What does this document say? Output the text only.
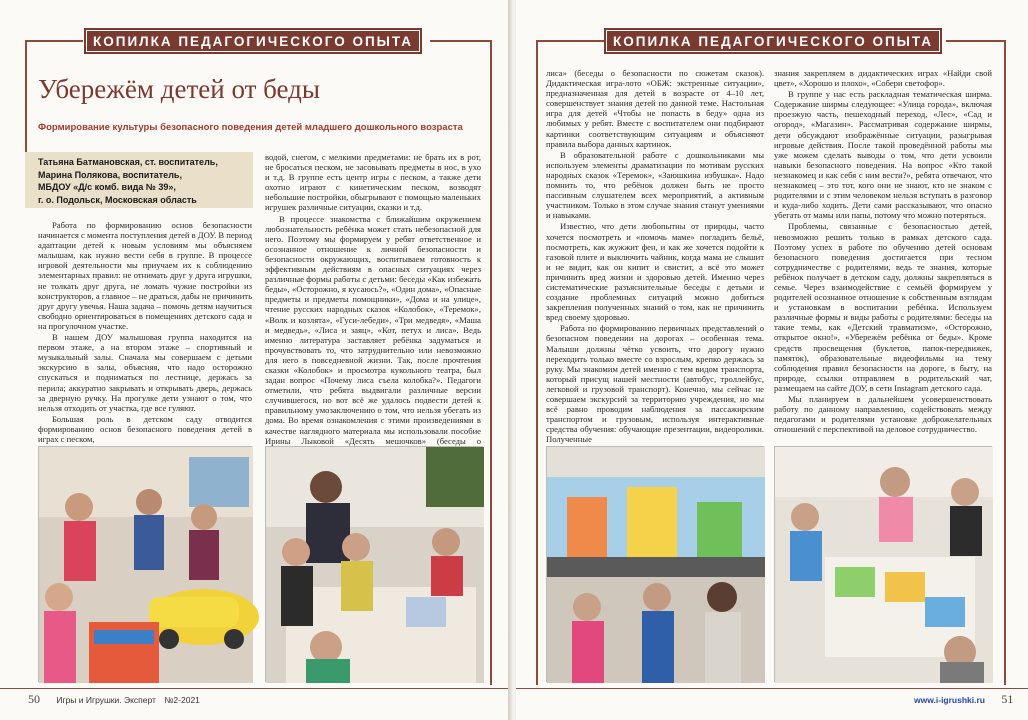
КОПИЛКА ПЕДАГОГИЧЕСКОГО ОПЫТА
Убережём детей от беды
Формирование культуры безопасного поведения детей младшего дошкольного возраста
Татьяна Батмановская, ст. воспитатель,
Марина Полякова, воспитатель,
МБДОУ «Д/с комб. вида № 39»,
г. о. Подольск, Московская область

Работа по формированию основ безопасности начинается с момента поступления детей в ДОУ. В период адаптации детей к новым условиям мы объясняем малышам, как нужно вести себя в группе. В процессе игровой деятельности мы приучаем их к соблюдению элементарных правил: не отнимать друг у друга игрушки, не толкать друг друга, не ломать чужие постройки из конструкторов, а главное – не драться, дабы не причинить друг другу увечья. Наша задача – помочь детям научиться свободно ориентироваться в помещениях детского сада и на прогулочном участке.

В нашем ДОУ малышовая группа находится на первом этаже, а на втором этаже – спортивный и музыкальный залы. Сначала мы совершаем с детьми экскурсию в залы, объясняя, что надо осторожно спускаться и подниматься по лестнице, держась за перила; аккуратно закрывать и открывать дверь, держась за дверную ручку. На прогулке дети узнают о том, что нельзя отходить от участка, где все гуляют.

Большая роль в детском саду отводится формированию основ безопасного поведения детей в играх с песком,

водой, снегом, с мелкими предметами: не брать их в рот, не бросаться песком, не засовывать предметы в нос, в ухо и т.д. В группе есть центр игры с песком, а также дети охотно играют с кинетическим песком, возводят небольшие постройки, обыгрывают с помощью маленьких игрушек различные ситуации, сказки и т.д.

В процессе знакомства с ближайшим окружением любознательность ребёнка может стать небезопасной для него. Поэтому мы формируем у ребят ответственное и осознанное отношение к личной безопасности и безопасности окружающих, воспитываем готовность к эффективным действиям в опасных ситуациях через различные формы работы с детьми: беседы «Как избежать беды», «Осторожно, я кусаюсь?», «Один дома», «Опасные предметы и предметы помощники», «Дома и на улице», чтение русских народных сказок «Колобок», «Теремок», «Волк и козлята», «Гуси-лебеди», «Три медведя», «Маша и медведь», «Лиса и заяц», «Кот, петух и лиса». Ведь именно литература заставляет ребёнка задуматься и прочувствовать то, что затруднительно или невозможно для него в повседневной жизни. Так, после прочтения сказки «Колобок» и просмотра кукольного театра, был задан вопрос «Почему лиса съела колобка?». Педагоги отметили, что ребята выдвигали различные версии случившегося, но вот всё же удалось подвести детей к правильному умозаключению о том, что нельзя убегать из дома. Во время ознакомления с этими произведениями в качестве наглядного материала мы использовали пособие Ирины Лыковой «Десять мешочков» (беседы о

50 Игры и Игрушки. Эксперт №2-2021
КОПИЛКА ПЕДАГОГИЧЕСКОГО ОПЫТА

лиса» (беседы о безопасности по сюжетам сказок). Дидактическая игра-лото «ОБЖ: экстренные ситуации», предназначенная для детей в возрасте от 4–10 лет, совершенствует знания детей по данной теме. Настольная игра для детей «Чтобы не попасть в беду» одна из любимых у ребят. Вместе с воспитателем они подбирают картинки соответствующим ситуациям и объясняют правила выбора данных картинок.

В образовательной работе с дошкольниками мы используем элементы драматизации по мотивам русских народных сказок «Теремок», «Заюшкина избушка». Надо помнить то, что ребёнок должен быть не просто пассивным слушателем всех мероприятий, а активным участником. Только в этом случае знания станут умениями и навыками.

Известно, что дети любопытны от природы, часто хочется посмотреть и «помочь маме» погладить бельё, посмотреть, как жужжит фен, и как же хочется подойти к газовой плите и выключить чайник, когда мама не слышит и не видит, как он кипит и свистит, а всё это может причинить вред жизни и здоровью детей. Именно через систематические разъяснительные беседы с детьми и создание проблемных ситуаций можно добиться закрепления полученных знаний о том, как не причинить вред своему здоровью.

Работа по формированию первичных представлений о безопасном поведении на дорогах – особенная тема. Малыши должны чётко усвоить, что дорогу нужно переходить только вместе со взрослым, крепко держась за руку. Мы знакомим детей именно с тем видом транспорта, который присущ нашей местности (автобус, троллейбус, легковой и грузовой транспорт). Конечно, мы сейчас не совершаем экскурсий за территорию учреждения, но мы всё равно проводим наблюдения за пассажирским транспортом и грузовым, используя интерактивные средства обучения: обучающие презентации, видеоролики. Полученные

знания закрепляем в дидактических играх «Найди свой цвет», «Хорошо и плохо», «Собери светофор».

В группе у нас есть раскладная тематическая ширма. Содержание ширмы следующее: «Улица города», включая проезжую часть, пешеходный переход, «Лес», «Сад и огород», «Магазин». Рассматривая содержание ширмы, дети обсуждают изображённые ситуации, разыгрывая игровые действия. После такой проведённой работы мы уже можем сделать выводы о том, что дети усвоили навыки безопасного поведения. На вопрос «Кто такой незнакомец и как себя с ним вести?», ребята отвечают, что незнакомец – это тот, кого они не знают, кто не знаком с родителями и с этим человеком нельзя вступать в разговор и куда-либо ходить. Дети сами рассказывают, что опасно убегать от мамы или папы, потому что можно потеряться.

Проблемы, связанные с безопасностью детей, невозможно решить только в рамках детского сада. Поэтому успех в работе по обучению детей основам безопасного поведения достигается при тесном сотрудничестве с родителями, ведь те знания, которые ребёнок получает в детском саду, должны закрепляться в семье. Через взаимодействие с семьёй формируем у родителей осознанное отношение к собственным взглядам и установкам в воспитании ребёнка. Используем различные формы и виды работы с родителями: беседы на такие темы, как «Детский травматизм», «Осторожно, открытое окно!», «Убережём ребёнка от беды». Кроме средств просвещения (буклетов, папок-передвижек, памяток), образовательные видеофильмы на тему соблюдения правил безопасности на дороге, в быту, на природе, ссылки отправляем в родительский чат, размещаем на сайте ДОУ, в сети Instagram детского сада.

Мы планируем в дальнейшем усовершенствовать работу по данному направлению, содействовать между педагогами и родителями установке доброжелательных отношений с перспективой на деловое сотрудничество.

www.i-igrushki.ru 51
